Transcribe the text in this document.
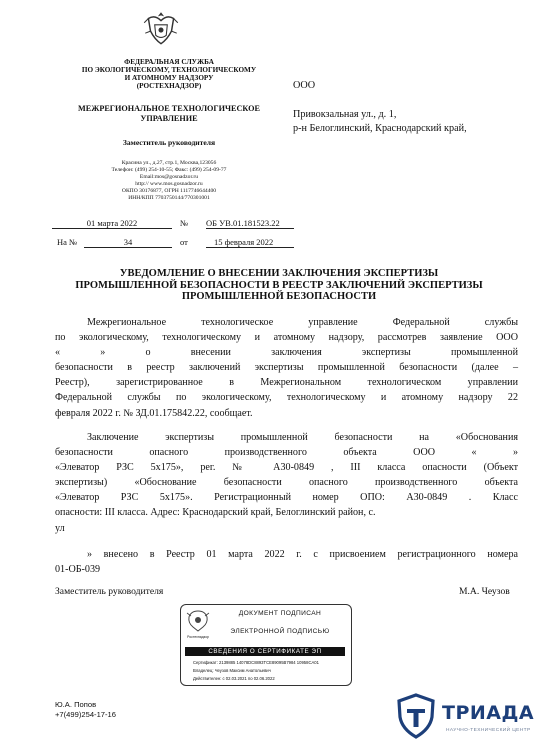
ФЕДЕРАЛЬНАЯ СЛУЖБА
ПО ЭКОЛОГИЧЕСКОМУ, ТЕХНОЛОГИЧЕСКОМУ
И АТОМНОМУ НАДЗОРУ
(РОСТЕХНАДЗОР)
МЕЖРЕГИОНАЛЬНОЕ ТЕХНОЛОГИЧЕСКОЕ
УПРАВЛЕНИЕ
Заместитель руководителя
Красина ул., д.27, стр.1, Москва,123056
Телефон: (499) 254-10-55; Факс: (499) 254-09-77
Email:mos@gosnadzor.ru
http:// www.mos.gosnadzor.ru
ОКПО 30176877, ОГРН 1117746644400
ИНН/КПП 7703750144/770301001
ООО
Привокзальная ул., д. 1,
р-н Белоглинский, Краснодарский край,
01 марта 2022	№ ОБ УВ.01.181523.22
На №	34	от	15 февраля 2022
УВЕДОМЛЕНИЕ О ВНЕСЕНИИ ЗАКЛЮЧЕНИЯ ЭКСПЕРТИЗЫ
ПРОМЫШЛЕННОЙ БЕЗОПАСНОСТИ В РЕЕСТР ЗАКЛЮЧЕНИЙ ЭКСПЕРТИЗЫ
ПРОМЫШЛЕННОЙ БЕЗОПАСНОСТИ
Межрегиональное технологическое управление Федеральной службы
по экологическому, технологическому и атомному надзору, рассмотрев заявление ООО
« » о внесении заключения экспертизы промышленной
безопасности в реестр заключений экспертизы промышленной безопасности (далее –
Реестр), зарегистрированное в Межрегиональном технологическом управлении
Федеральной службы по экологическому, технологическому и атомному надзору 22
февраля 2022 г. № ЗД.01.175842.22, сообщает.
Заключение экспертизы промышленной безопасности на «Обоснования
безопасности опасного производственного объекта ООО « »
«Элеватор РЗС 5х175», рег. № А30-0849 , III класса опасности (Объект
экспертизы) «Обоснование безопасности опасного производственного объекта
«Элеватор РЗС 5х175». Регистрационный номер ОПО: А30-0849 . Класс
опасности: III класса. Адрес: Краснодарский край, Белоглинский район, с.
ул
» внесено в Реестр 01 марта 2022 г. с присвоением регистрационного номера
01-ОБ-039
Заместитель руководителя	М.А. Чеузов
Ростехнадзор
ДОКУМЕНТ ПОДПИСАН
ЭЛЕКТРОННОЙ ПОДПИСЬЮ
СВЕДЕНИЯ О СЕРТИФИКАТЕ ЭП
Сертификат: 2139885 14078DC8893TCE89095B7984 10958CA01
Владелец: Чеузов Максим Анатольевич
Действителен: с 02.03.2021 по 02.06.2022
Ю.А. Попов
+7(499)254-17-16	ТРИАДА
НАУЧНО-ТЕХНИЧЕСКИЙ ЦЕНТР
